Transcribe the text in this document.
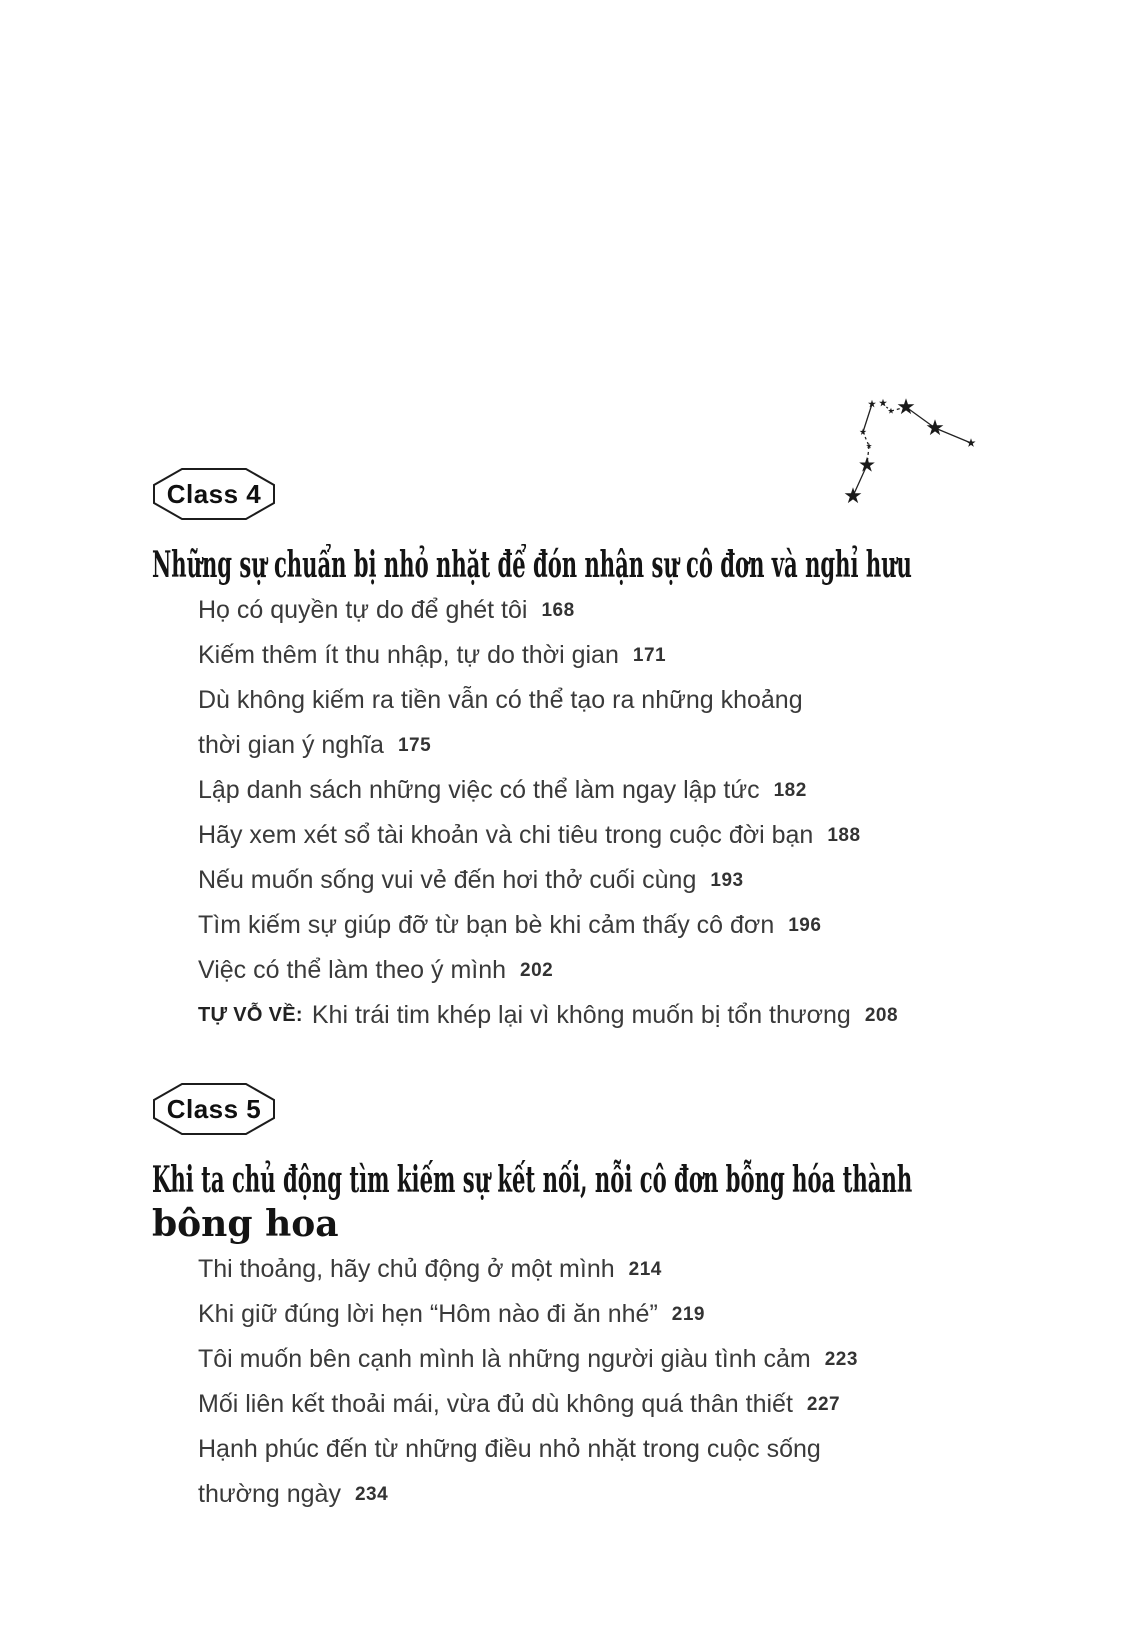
Class 4
Những sự chuẩn bị nhỏ nhặt để đón nhận sự cô đơn và nghỉ hưu
Họ có quyền tự do để ghét tôi 168
Kiếm thêm ít thu nhập, tự do thời gian 171
Dù không kiếm ra tiền vẫn có thể tạo ra những khoảng
thời gian ý nghĩa 175
Lập danh sách những việc có thể làm ngay lập tức 182
Hãy xem xét sổ tài khoản và chi tiêu trong cuộc đời bạn 188
Nếu muốn sống vui vẻ đến hơi thở cuối cùng 193
Tìm kiếm sự giúp đỡ từ bạn bè khi cảm thấy cô đơn 196
Việc có thể làm theo ý mình 202
TỰ VỖ VỀ: Khi trái tim khép lại vì không muốn bị tổn thương 208
Class 5
Khi ta chủ động tìm kiếm sự kết nối, nỗi cô đơn bỗng hóa thành
bông hoa
Thi thoảng, hãy chủ động ở một mình 214
Khi giữ đúng lời hẹn “Hôm nào đi ăn nhé” 219
Tôi muốn bên cạnh mình là những người giàu tình cảm 223
Mối liên kết thoải mái, vừa đủ dù không quá thân thiết 227
Hạnh phúc đến từ những điều nhỏ nhặt trong cuộc sống
thường ngày 234
